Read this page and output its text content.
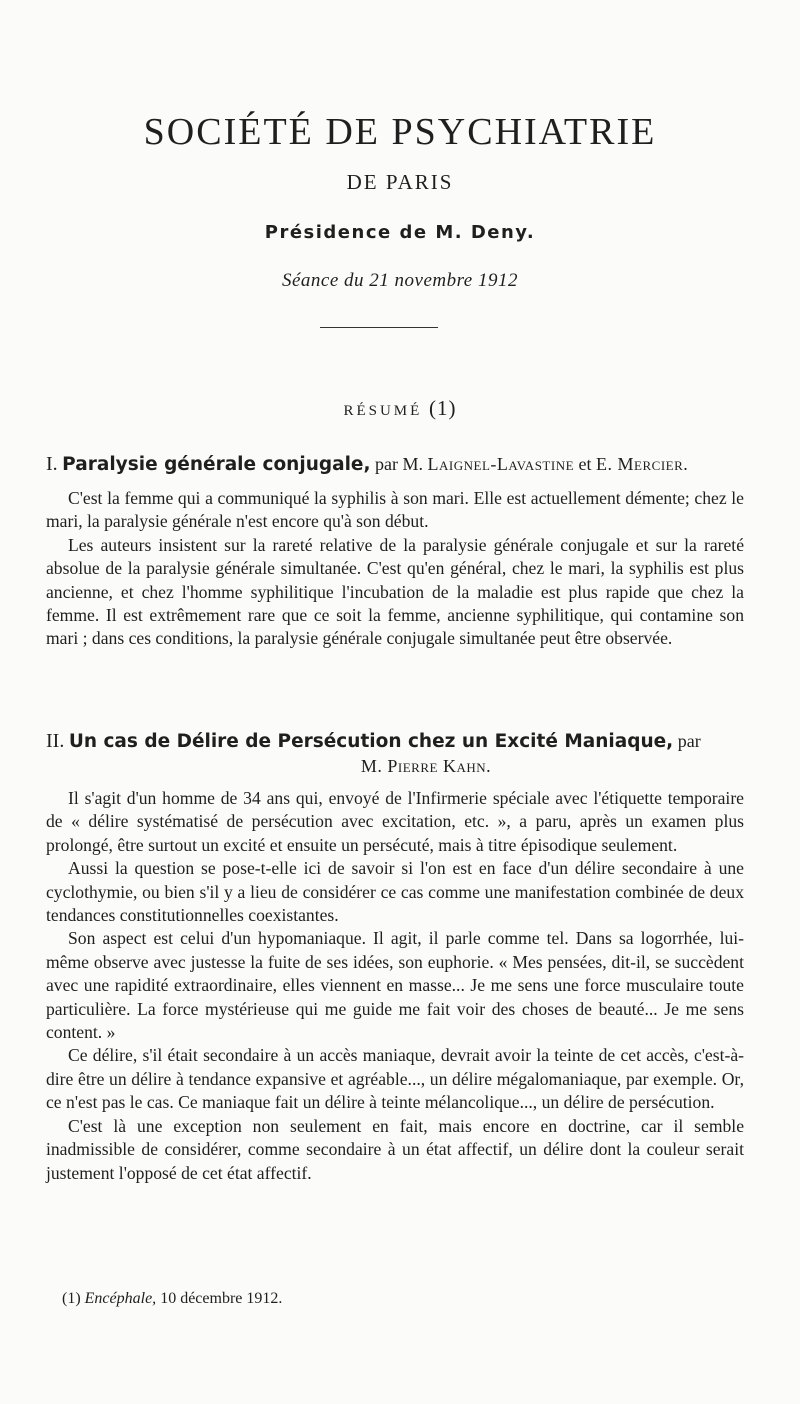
SOCIÉTÉ DE PSYCHIATRIE
DE PARIS
Présidence de M. Deny.
Séance du 21 novembre 1912
RÉSUMÉ (1)
I. Paralysie générale conjugale, par M. Laignel-Lavastine et E. Mercier.

C'est la femme qui a communiqué la syphilis à son mari. Elle est actuellement démente; chez le mari, la paralysie générale n'est encore qu'à son début.

Les auteurs insistent sur la rareté relative de la paralysie générale conjugale et sur la rareté absolue de la paralysie générale simultanée. C'est qu'en général, chez le mari, la syphilis est plus ancienne, et chez l'homme syphilitique l'incubation de la maladie est plus rapide que chez la femme. Il est extrêmement rare que ce soit la femme, ancienne syphilitique, qui contamine son mari ; dans ces conditions, la paralysie générale conjugale simultanée peut être observée.

II. Un cas de Délire de Persécution chez un Excité Maniaque, par
M. Pierre Kahn.

Il s'agit d'un homme de 34 ans qui, envoyé de l'Infirmerie spéciale avec l'étiquette temporaire de « délire systématisé de persécution avec excitation, etc. », a paru, après un examen plus prolongé, être surtout un excité et ensuite un persécuté, mais à titre épisodique seulement.

Aussi la question se pose-t-elle ici de savoir si l'on est en face d'un délire secondaire à une cyclothymie, ou bien s'il y a lieu de considérer ce cas comme une manifestation combinée de deux tendances constitutionnelles coexistantes.

Son aspect est celui d'un hypomaniaque. Il agit, il parle comme tel. Dans sa logorrhée, lui-même observe avec justesse la fuite de ses idées, son euphorie. « Mes pensées, dit-il, se succèdent avec une rapidité extraordinaire, elles viennent en masse... Je me sens une force musculaire toute particulière. La force mystérieuse qui me guide me fait voir des choses de beauté... Je me sens content. »

Ce délire, s'il était secondaire à un accès maniaque, devrait avoir la teinte de cet accès, c'est-à-dire être un délire à tendance expansive et agréable..., un délire mégalomaniaque, par exemple. Or, ce n'est pas le cas. Ce maniaque fait un délire à teinte mélancolique..., un délire de persécution.

C'est là une exception non seulement en fait, mais encore en doctrine, car il semble inadmissible de considérer, comme secondaire à un état affectif, un délire dont la couleur serait justement l'opposé de cet état affectif.

(1) Encéphale, 10 décembre 1912.
